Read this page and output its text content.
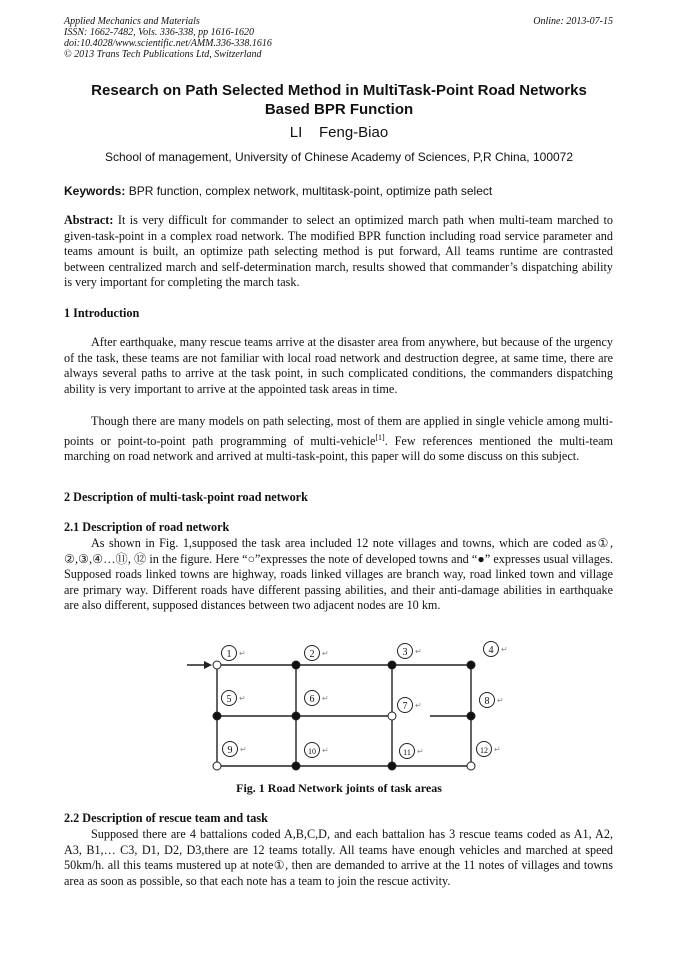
Applied Mechanics and Materials
ISSN: 1662-7482, Vols. 336-338, pp 1616-1620
doi:10.4028/www.scientific.net/AMM.336-338.1616
© 2013 Trans Tech Publications Ltd, Switzerland
Online: 2013-07-15
Research on Path Selected Method in MultiTask-Point Road Networks
Based BPR Function
LI    Feng-Biao
School of management, University of Chinese Academy of Sciences, P,R China, 100072
Keywords: BPR function, complex network, multitask-point, optimize path select
Abstract: It is very difficult for commander to select an optimized march path when multi-team marched to given-task-point in a complex road network. The modified BPR function including road service parameter and teams amount is built, an optimize path selecting method is put forward, All teams runtime are contrasted between centralized march and self-determination march, results showed that commander’s dispatching ability is very important for completing the march task.
1 Introduction
After earthquake, many rescue teams arrive at the disaster area from anywhere, but because of the urgency of the task, these teams are not familiar with local road network and destruction degree, at same time, there are always several paths to arrive at the task point, in such complicated conditions, the commanders dispatching ability is very important to arrive at the appointed task areas in time.
Though there are many models on path selecting, most of them are applied in single vehicle among multi-points or point-to-point path programming of multi-vehicle[1]. Few references mentioned the multi-team marching on road network and arrived at multi-task-point, this paper will do some discuss on this subject.
2 Description of multi-task-point road network
2.1 Description of road network
As shown in Fig. 1,supposed the task area included 12 note villages and towns, which are coded as①, ②,③,④…⑪, ⑫ in the figure. Here “○”expresses the note of developed towns and “●” expresses usual villages. Supposed roads linked towns are highway, roads linked villages are branch way, road linked town and village are primary way. Different roads have different passing abilities, and their anti-damage abilities in earthquake are also different, supposed distances between two adjacent nodes are 10 km.
1	2	3	4
5	6
7	8
9	10	11	12
↵	↵	↵	↵
↵	↵
↵
↵
↵	↵	↵	↵
Fig. 1 Road Network joints of task areas
2.2 Description of rescue team and task
Supposed there are 4 battalions coded A,B,C,D, and each battalion has 3 rescue teams coded as A1, A2, A3, B1,… C3, D1, D2, D3,there are 12 teams totally. All teams have enough vehicles and marched at speed 50km/h. all this teams mustered up at note①, then are demanded to arrive at the 11 notes of villages and towns area as soon as possible, so that each note has a team to join the rescue activity.
